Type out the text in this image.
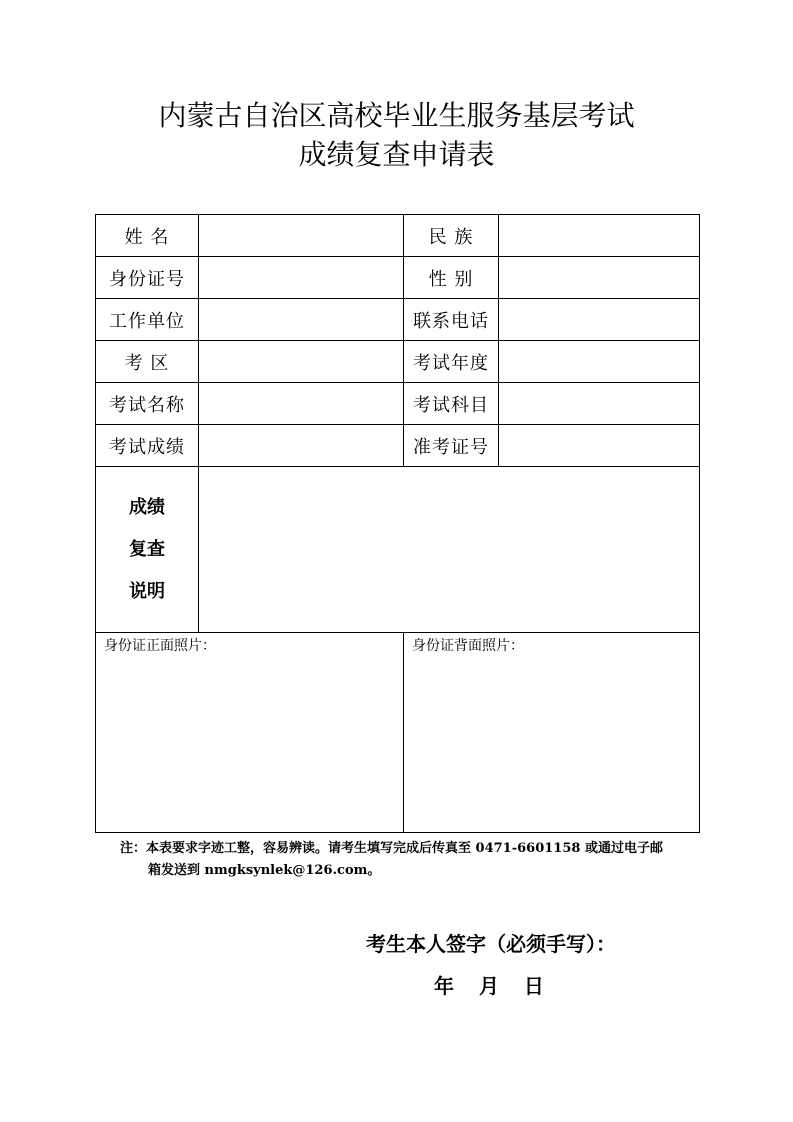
内蒙古自治区高校毕业生服务基层考试
成绩复查申请表
姓 名		民 族	
身份证号		性 别	
工作单位		联系电话	
考 区		考试年度	
考试名称		考试科目	
考试成绩		准考证号	

成绩
复查
说明			

身份证正面照片：		身份证背面照片：	
注：本表要求字迹工整，容易辨读。请考生填写完成后传真至 0471-6601158 或通过电子邮
箱发送到 nmgksynlek@126.com。
考生本人签字（必须手写）：
年 月 日
